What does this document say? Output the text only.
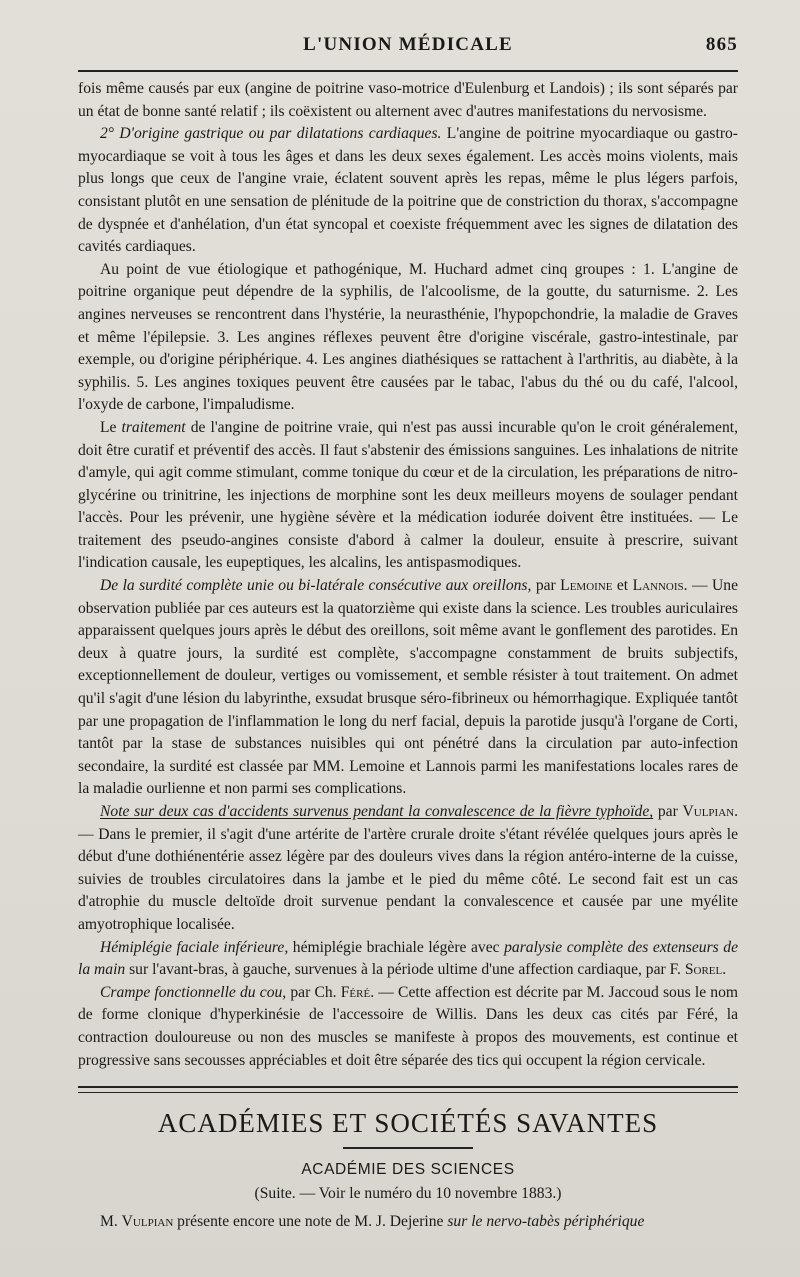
L'UNION MÉDICALE	865

fois même causés par eux (angine de poitrine vaso-motrice d'Eulenburg et Landois) ; ils sont séparés par un état de bonne santé relatif ; ils coëxistent ou alternent avec d'autres manifestations du nervosisme.

2° D'origine gastrique ou par dilatations cardiaques. L'angine de poitrine myocardiaque ou gastro-myocardiaque se voit à tous les âges et dans les deux sexes également. Les accès moins violents, mais plus longs que ceux de l'angine vraie, éclatent souvent après les repas, même le plus légers parfois, consistant plutôt en une sensation de plénitude de la poitrine que de constriction du thorax, s'accompagne de dyspnée et d'anhélation, d'un état syncopal et coexiste fréquemment avec les signes de dilatation des cavités cardiaques.

Au point de vue étiologique et pathogénique, M. Huchard admet cinq groupes : 1. L'angine de poitrine organique peut dépendre de la syphilis, de l'alcoolisme, de la goutte, du saturnisme. 2. Les angines nerveuses se rencontrent dans l'hystérie, la neurasthénie, l'hypopchondrie, la maladie de Graves et même l'épilepsie. 3. Les angines réflexes peuvent être d'origine viscérale, gastro-intestinale, par exemple, ou d'origine périphérique. 4. Les angines diathésiques se rattachent à l'arthritis, au diabète, à la syphilis. 5. Les angines toxiques peuvent être causées par le tabac, l'abus du thé ou du café, l'alcool, l'oxyde de carbone, l'impaludisme.

Le traitement de l'angine de poitrine vraie, qui n'est pas aussi incurable qu'on le croit généralement, doit être curatif et préventif des accès. Il faut s'abstenir des émissions sanguines. Les inhalations de nitrite d'amyle, qui agit comme stimulant, comme tonique du cœur et de la circulation, les préparations de nitro-glycérine ou trinitrine, les injections de morphine sont les deux meilleurs moyens de soulager pendant l'accès. Pour les prévenir, une hygiène sévère et la médication iodurée doivent être instituées. — Le traitement des pseudo-angines consiste d'abord à calmer la douleur, ensuite à prescrire, suivant l'indication causale, les eupeptiques, les alcalins, les antispasmodiques.

De la surdité complète unie ou bi-latérale consécutive aux oreillons, par Lemoine et Lannois. — Une observation publiée par ces auteurs est la quatorzième qui existe dans la science. Les troubles auriculaires apparaissent quelques jours après le début des oreillons, soit même avant le gonflement des parotides. En deux à quatre jours, la surdité est complète, s'accompagne constamment de bruits subjectifs, exceptionnellement de douleur, vertiges ou vomissement, et semble résister à tout traitement. On admet qu'il s'agit d'une lésion du labyrinthe, exsudat brusque séro-fibrineux ou hémorrhagique. Expliquée tantôt par une propagation de l'inflammation le long du nerf facial, depuis la parotide jusqu'à l'organe de Corti, tantôt par la stase de substances nuisibles qui ont pénétré dans la circulation par auto-infection secondaire, la surdité est classée par MM. Lemoine et Lannois parmi les manifestations locales rares de la maladie ourlienne et non parmi ses complications.

Note sur deux cas d'accidents survenus pendant la convalescence de la fièvre typhoïde, par Vulpian. — Dans le premier, il s'agit d'une artérite de l'artère crurale droite s'étant révélée quelques jours après le début d'une dothiénentérie assez légère par des douleurs vives dans la région antéro-interne de la cuisse, suivies de troubles circulatoires dans la jambe et le pied du même côté. Le second fait est un cas d'atrophie du muscle deltoïde droit survenue pendant la convalescence et causée par une myélite amyotrophique localisée.

Hémiplégie faciale inférieure, hémiplégie brachiale légère avec paralysie complète des extenseurs de la main sur l'avant-bras, à gauche, survenues à la période ultime d'une affection cardiaque, par F. Sorel.

Crampe fonctionnelle du cou, par Ch. Féré. — Cette affection est décrite par M. Jaccoud sous le nom de forme clonique d'hyperkinésie de l'accessoire de Willis. Dans les deux cas cités par Féré, la contraction douloureuse ou non des muscles se manifeste à propos des mouvements, est continue et progressive sans secousses appréciables et doit être séparée des tics qui occupent la région cervicale.

ACADÉMIES ET SOCIÉTÉS SAVANTES
ACADÉMIE DES SCIENCES
(Suite. — Voir le numéro du 10 novembre 1883.)
M. Vulpian présente encore une note de M. J. Dejerine sur le nervo-tabès périphérique
